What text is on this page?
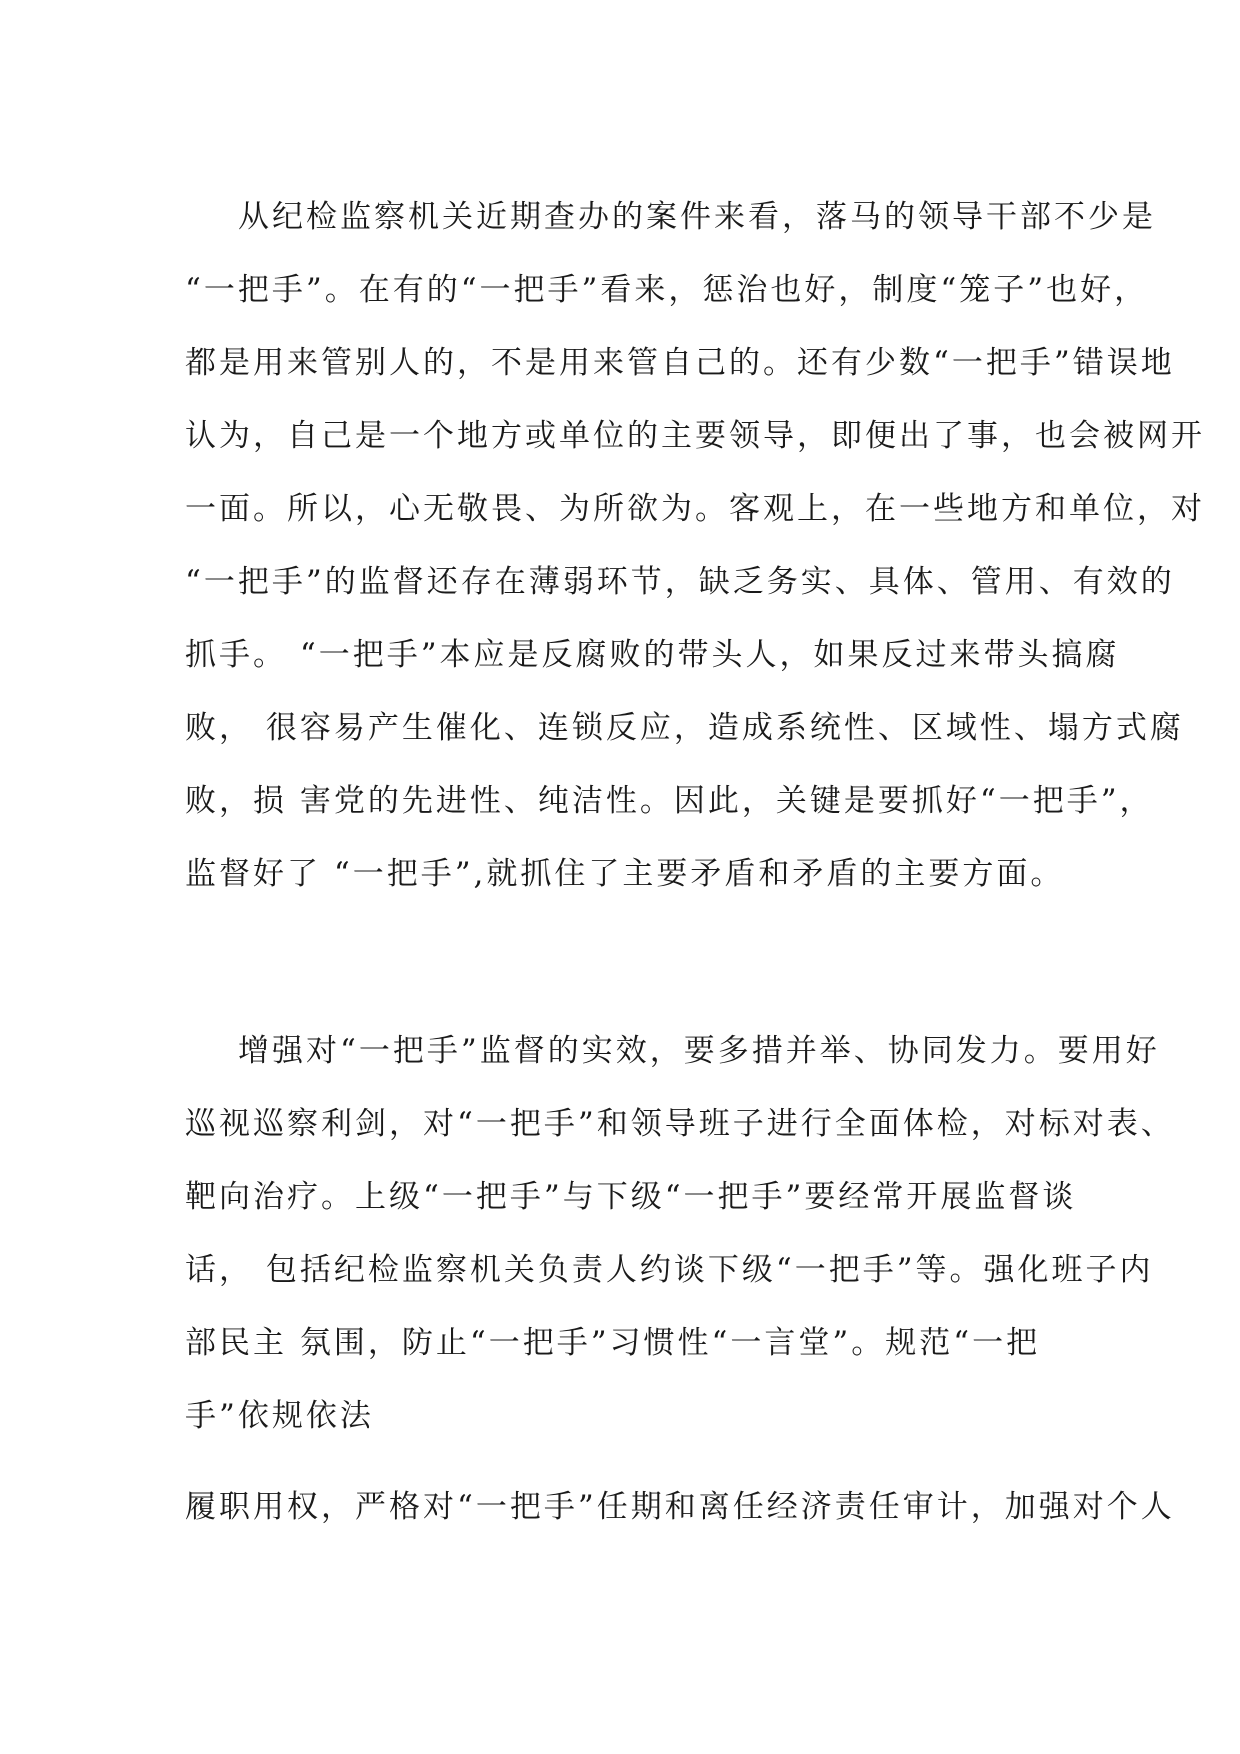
从纪检监察机关近期查办的案件来看，落马的领导干部不少是
“一把手”。在有的“一把手”看来，惩治也好，制度“笼子”也好，
都是用来管别人的，不是用来管自己的。还有少数“一把手”错误地
认为，自己是一个地方或单位的主要领导，即便出了事，也会被网开
一面。所以，心无敬畏、为所欲为。客观上，在一些地方和单位，对
“一把手”的监督还存在薄弱环节，缺乏务实、具体、管用、有效的
抓手。 “一把手”本应是反腐败的带头人，如果反过来带头搞腐
败， 很容易产生催化、连锁反应，造成系统性、区域性、塌方式腐
败，损 害党的先进性、纯洁性。因此，关键是要抓好“一把手”，
监督好了 “一把手”,就抓住了主要矛盾和矛盾的主要方面。
增强对“一把手”监督的实效，要多措并举、协同发力。要用好
巡视巡察利剑，对“一把手”和领导班子进行全面体检，对标对表、
靶向治疗。上级“一把手”与下级“一把手”要经常开展监督谈
话， 包括纪检监察机关负责人约谈下级“一把手”等。强化班子内
部民主 氛围，防止“一把手”习惯性“一言堂”。规范“一把
手”依规依法
履职用权，严格对“一把手”任期和离任经济责任审计，加强对个人
